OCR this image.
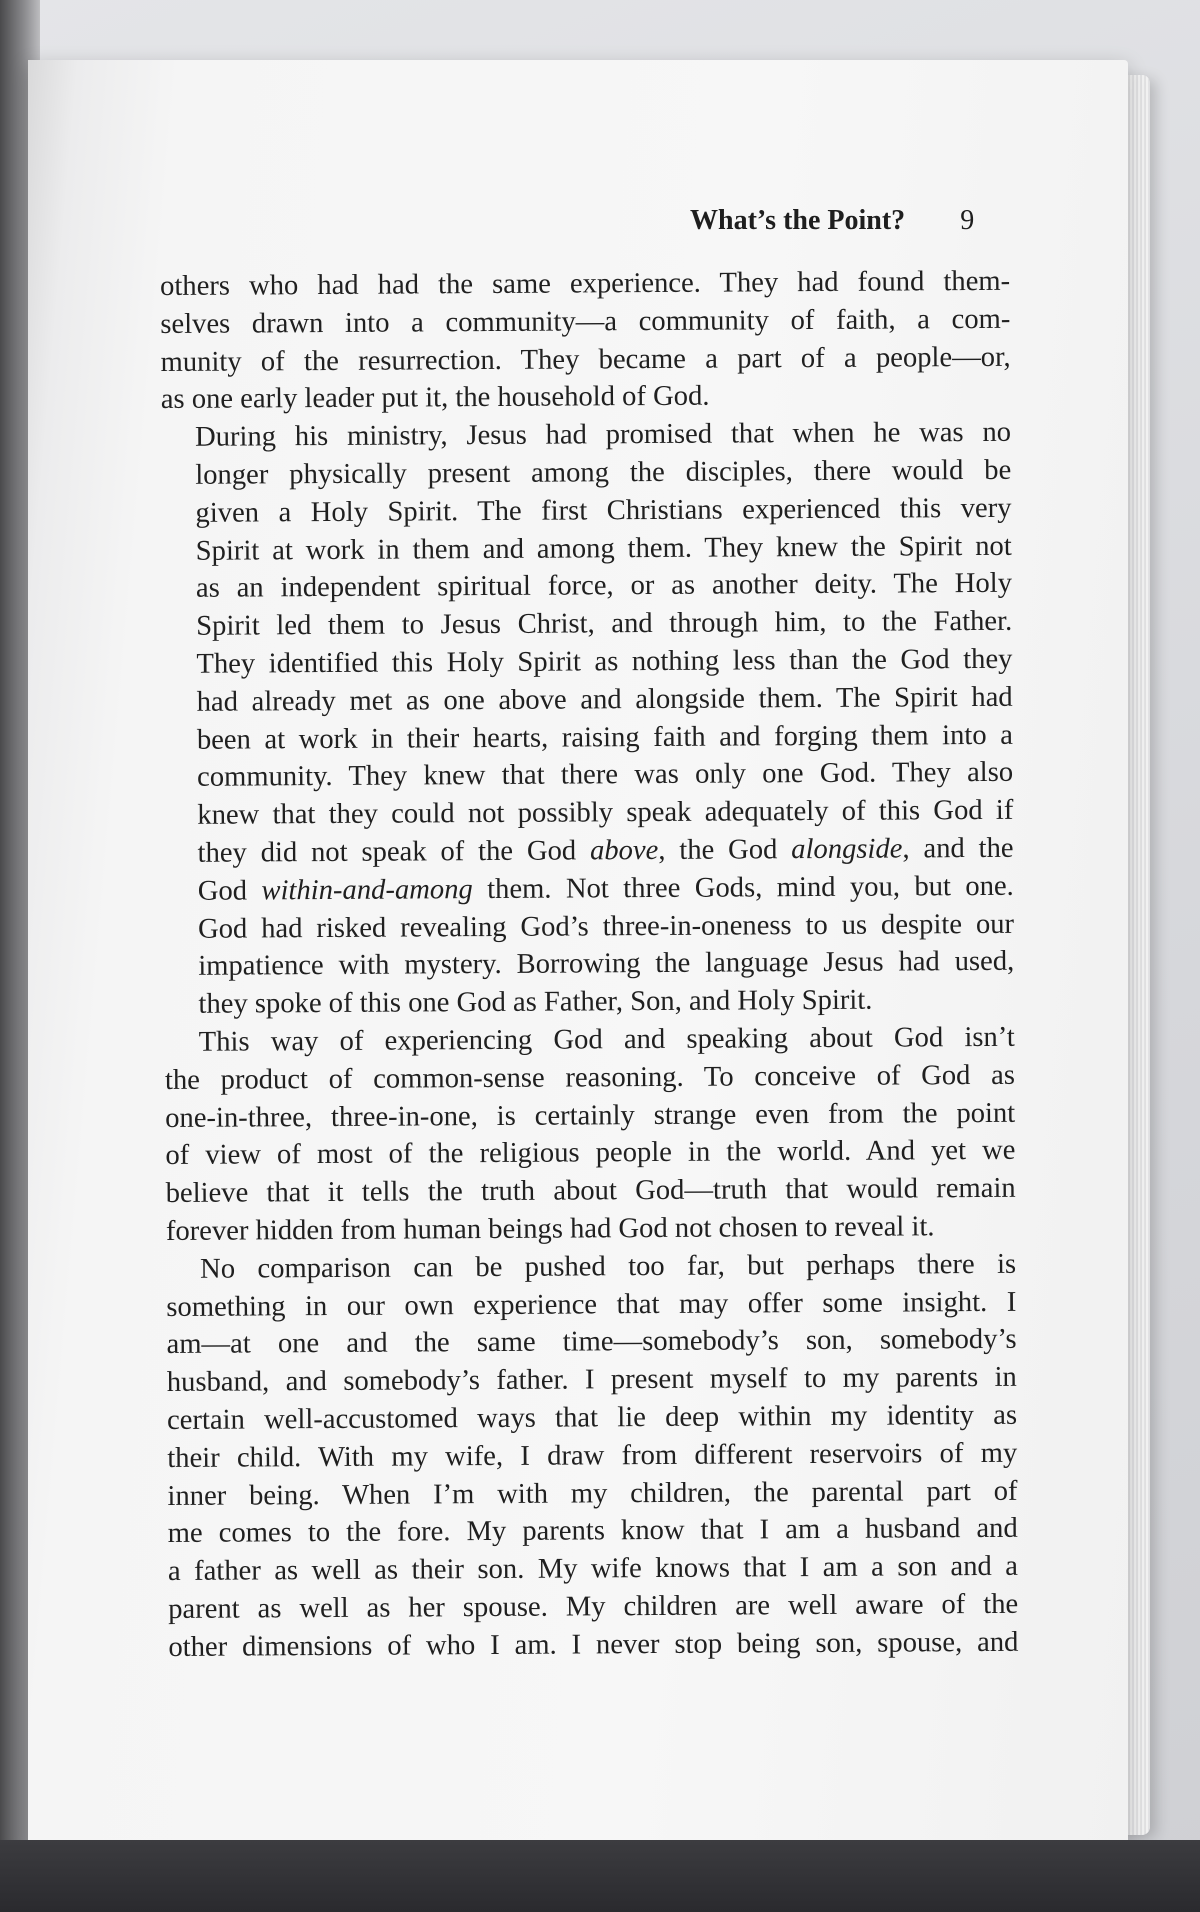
What’s the Point? 9

others who had had the same experience. They had found them-
selves drawn into a community—a community of faith, a com-
munity of the resurrection. They became a part of a people—or,
as one early leader put it, the household of God.

During his ministry, Jesus had promised that when he was no
longer physically present among the disciples, there would be
given a Holy Spirit. The first Christians experienced this very
Spirit at work in them and among them. They knew the Spirit not
as an independent spiritual force, or as another deity. The Holy
Spirit led them to Jesus Christ, and through him, to the Father.
They identified this Holy Spirit as nothing less than the God they
had already met as one above and alongside them. The Spirit had
been at work in their hearts, raising faith and forging them into a
community. They knew that there was only one God. They also
knew that they could not possibly speak adequately of this God if
they did not speak of the God above, the God alongside, and the
God within-and-among them. Not three Gods, mind you, but one.
God had risked revealing God’s three-in-oneness to us despite our
impatience with mystery. Borrowing the language Jesus had used,
they spoke of this one God as Father, Son, and Holy Spirit.

This way of experiencing God and speaking about God isn’t
the product of common-sense reasoning. To conceive of God as
one-in-three, three-in-one, is certainly strange even from the point
of view of most of the religious people in the world. And yet we
believe that it tells the truth about God—truth that would remain
forever hidden from human beings had God not chosen to reveal it.

No comparison can be pushed too far, but perhaps there is
something in our own experience that may offer some insight. I
am—at one and the same time—somebody’s son, somebody’s
husband, and somebody’s father. I present myself to my parents in
certain well-accustomed ways that lie deep within my identity as
their child. With my wife, I draw from different reservoirs of my
inner being. When I’m with my children, the parental part of
me comes to the fore. My parents know that I am a husband and
a father as well as their son. My wife knows that I am a son and a
parent as well as her spouse. My children are well aware of the
other dimensions of who I am. I never stop being son, spouse, and
